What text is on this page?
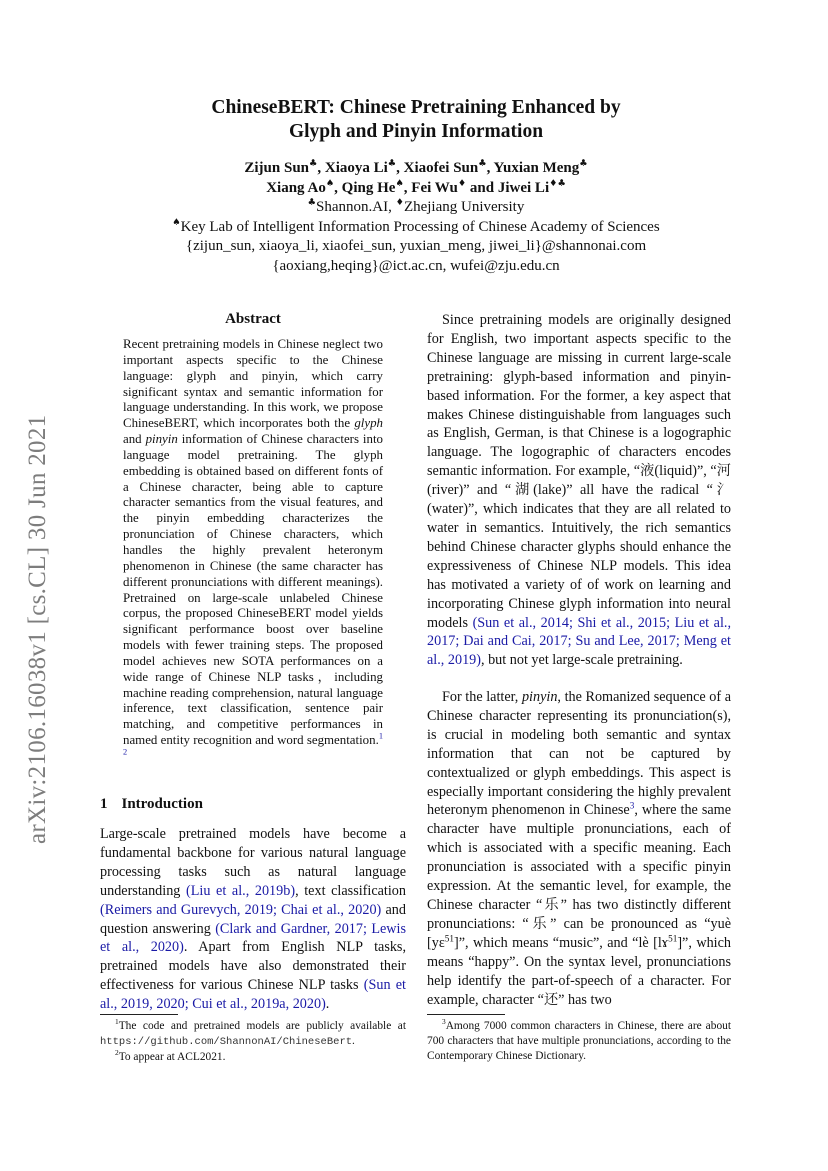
arXiv:2106.16038v1 [cs.CL] 30 Jun 2021
ChineseBERT: Chinese Pretraining Enhanced by
Glyph and Pinyin Information
Zijun Sun♣, Xiaoya Li♣, Xiaofei Sun♣, Yuxian Meng♣
Xiang Ao♠, Qing He♠, Fei Wu♦ and Jiwei Li♦♣
♣Shannon.AI, ♦Zhejiang University
♠Key Lab of Intelligent Information Processing of Chinese Academy of Sciences
{zijun_sun, xiaoya_li, xiaofei_sun, yuxian_meng, jiwei_li}@shannonai.com
{aoxiang,heqing}@ict.ac.cn, wufei@zju.edu.cn
Abstract

Recent pretraining models in Chinese neglect two important aspects specific to the Chinese language: glyph and pinyin, which carry significant syntax and semantic information for language understanding. In this work, we propose ChineseBERT, which incorporates both the glyph and pinyin information of Chinese characters into language model pretraining. The glyph embedding is obtained based on different fonts of a Chinese character, being able to capture character semantics from the visual features, and the pinyin embedding characterizes the pronunciation of Chinese characters, which handles the highly prevalent heteronym phenomenon in Chinese (the same character has different pronunciations with different meanings). Pretrained on large-scale unlabeled Chinese corpus, the proposed ChineseBERT model yields significant performance boost over baseline models with fewer training steps. The proposed model achieves new SOTA performances on a wide range of Chinese NLP tasks，including machine reading comprehension, natural language inference, text classification, sentence pair matching, and competitive performances in named entity recognition and word segmentation.$^{1 2}$

1 Introduction

Large-scale pretrained models have become a fundamental backbone for various natural language processing tasks such as natural language understanding (Liu et al., 2019b), text classification (Reimers and Gurevych, 2019; Chai et al., 2020) and question answering (Clark and Gardner, 2017; Lewis et al., 2020). Apart from English NLP tasks, pretrained models have also demonstrated their effectiveness for various Chinese NLP tasks (Sun et al., 2019, 2020; Cui et al., 2019a, 2020).

Since pretraining models are originally designed for English, two important aspects specific to the Chinese language are missing in current large-scale pretraining: glyph-based information and pinyin-based information. For the former, a key aspect that makes Chinese distinguishable from languages such as English, German, is that Chinese is a logographic language. The logographic of characters encodes semantic information. For example, “液(liquid)”, “河(river)” and “湖(lake)” all have the radical “氵(water)”, which indicates that they are all related to water in semantics. Intuitively, the rich semantics behind Chinese character glyphs should enhance the expressiveness of Chinese NLP models. This idea has motivated a variety of of work on learning and incorporating Chinese glyph information into neural models (Sun et al., 2014; Shi et al., 2015; Liu et al., 2017; Dai and Cai, 2017; Su and Lee, 2017; Meng et al., 2019), but not yet large-scale pretraining.

For the latter, pinyin, the Romanized sequence of a Chinese character representing its pronunciation(s), is crucial in modeling both semantic and syntax information that can not be captured by contextualized or glyph embeddings. This aspect is especially important considering the highly prevalent heteronym phenomenon in Chinese$^3$, where the same character have multiple pronunciations, each of which is associated with a specific meaning. Each pronunciation is associated with a specific pinyin expression. At the semantic level, for example, the Chinese character “乐” has two distinctly different pronunciations: “乐” can be pronounced as “yuè [yɛ$^{51}$]”, which means “music”, and “lè [lɤ$^{51}$]”, which means “happy”. On the syntax level, pronunciations help identify the part-of-speech of a character. For example, character “还” has two

$^1$The code and pretrained models are publicly available at https://github.com/ShannonAI/ChineseBert.
$^2$To appear at ACL2021.
$^3$Among 7000 common characters in Chinese, there are about 700 characters that have multiple pronunciations, according to the Contemporary Chinese Dictionary.
